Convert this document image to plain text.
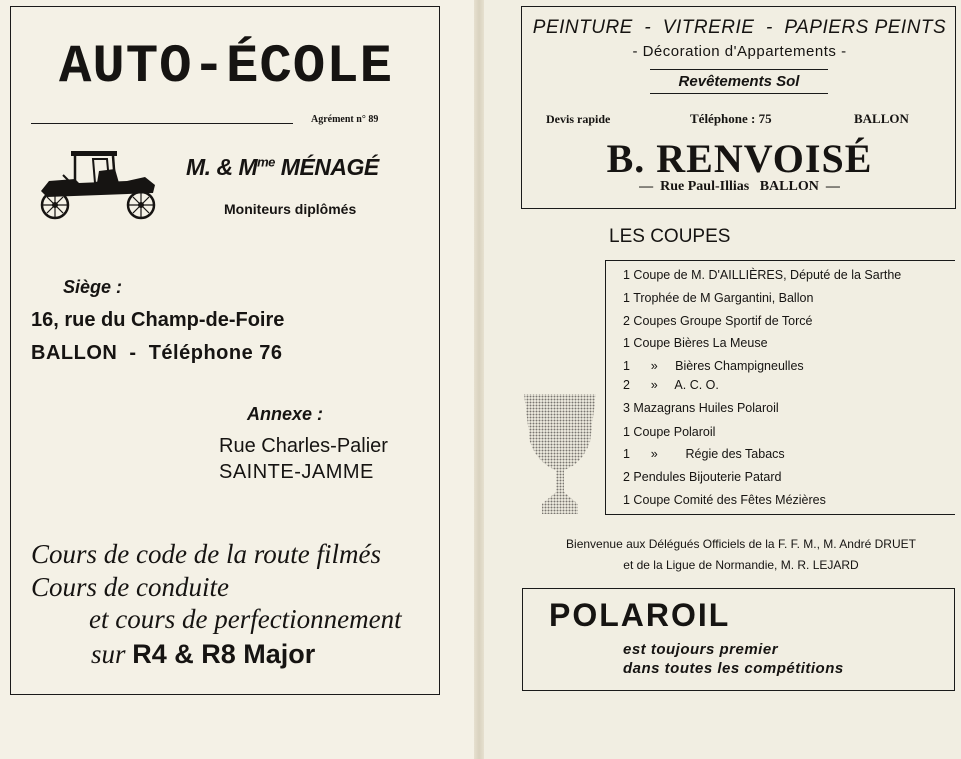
AUTO-ÉCOLE
Agrément n° 89
M. & $M^{me}$ MÉNAGÉ
Moniteurs diplômés
Siège :
16, rue du Champ-de-Foire
BALLON  -  Téléphone 76
Annexe :
Rue Charles-Palier
SAINTE-JAMME
Cours de code de la route filmés
Cours de conduite
et cours de perfectionnement
sur R4 & R8 Major
PEINTURE  -  VITRERIE  -  PAPIERS PEINTS
- Décoration d'Appartements -
Revêtements Sol
Devis rapide	Téléphone : 75	BALLON
B. RENVOISÉ
—  Rue Paul-Illias   BALLON  —
LES COUPES
1 Coupe de M. D'AILLIÈRES, Député de la Sarthe
1 Trophée de M Gargantini, Ballon
2 Coupes Groupe Sportif de Torcé
1 Coupe Bières La Meuse
1      »     Bières Champigneulles
2      »     A. C. O.
3 Mazagrans Huiles Polaroil
1 Coupe Polaroil
1      »        Régie des Tabacs
2 Pendules Bijouterie Patard
1 Coupe Comité des Fêtes Mézières
Bienvenue aux Délégués Officiels de la F. F. M., M. André DRUET
et de la Ligue de Normandie, M. R. LEJARD
POLAROIL
est toujours premier
dans toutes les compétitions
